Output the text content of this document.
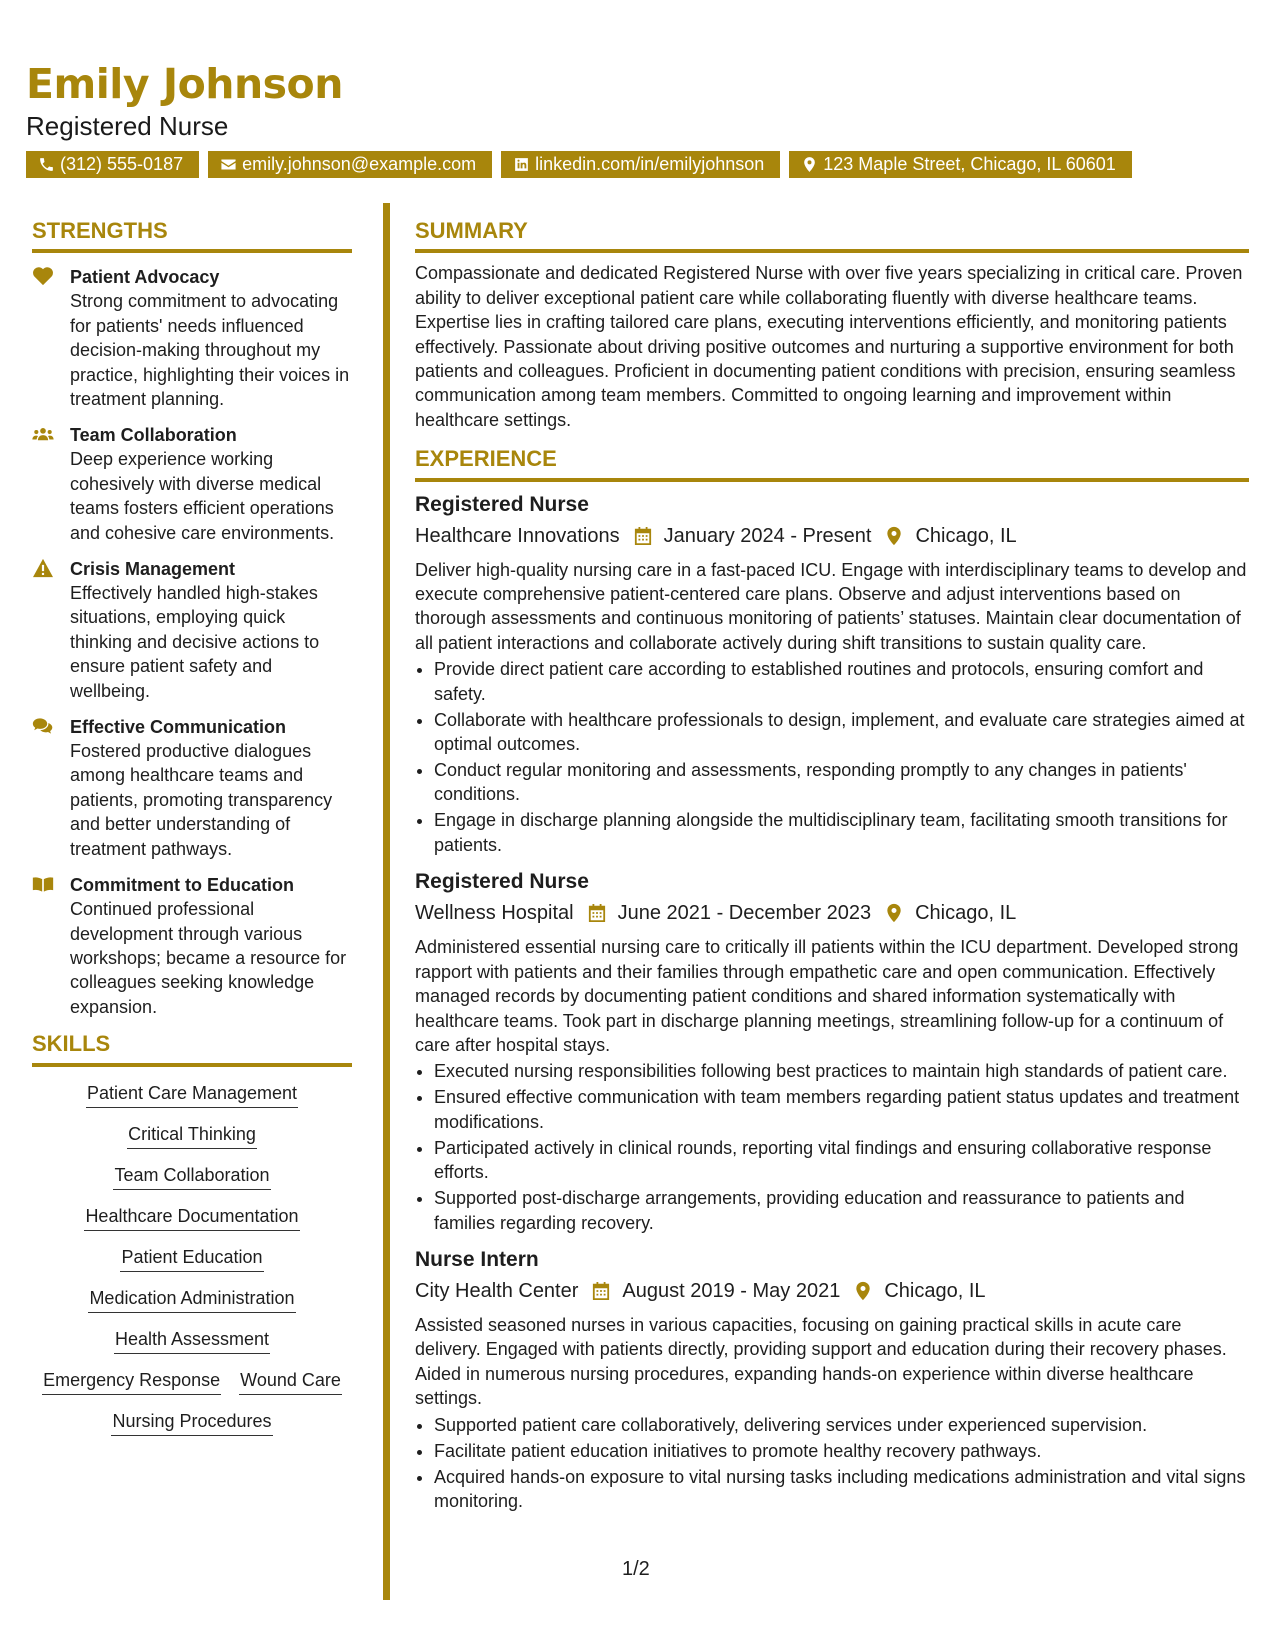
Emily Johnson
Registered Nurse
(312) 555-0187	emily.johnson@example.com	linkedin.com/in/emilyjohnson	123 Maple Street, Chicago, IL 60601
STRENGTHS
Patient Advocacy
Strong commitment to advocating for patients' needs influenced decision-making throughout my practice, highlighting their voices in treatment planning.
Team Collaboration
Deep experience working cohesively with diverse medical teams fosters efficient operations and cohesive care environments.
Crisis Management
Effectively handled high-stakes situations, employing quick thinking and decisive actions to ensure patient safety and wellbeing.
Effective Communication
Fostered productive dialogues among healthcare teams and patients, promoting transparency and better understanding of treatment pathways.
Commitment to Education
Continued professional development through various workshops; became a resource for colleagues seeking knowledge expansion.
SKILLS
Patient Care Management
Critical Thinking
Team Collaboration
Healthcare Documentation
Patient Education
Medication Administration
Health Assessment
Emergency Response Wound Care
Nursing Procedures
SUMMARY
Compassionate and dedicated Registered Nurse with over five years specializing in critical care. Proven ability to deliver exceptional patient care while collaborating fluently with diverse healthcare teams. Expertise lies in crafting tailored care plans, executing interventions efficiently, and monitoring patients effectively. Passionate about driving positive outcomes and nurturing a supportive environment for both patients and colleagues. Proficient in documenting patient conditions with precision, ensuring seamless communication among team members. Committed to ongoing learning and improvement within healthcare settings.
EXPERIENCE
Registered Nurse
Healthcare Innovations January 2024 - Present Chicago, IL
Deliver high-quality nursing care in a fast-paced ICU. Engage with interdisciplinary teams to develop and execute comprehensive patient-centered care plans. Observe and adjust interventions based on thorough assessments and continuous monitoring of patients’ statuses. Maintain clear documentation of all patient interactions and collaborate actively during shift transitions to sustain quality care.
• Provide direct patient care according to established routines and protocols, ensuring comfort and safety.
• Collaborate with healthcare professionals to design, implement, and evaluate care strategies aimed at optimal outcomes.
• Conduct regular monitoring and assessments, responding promptly to any changes in patients' conditions.
• Engage in discharge planning alongside the multidisciplinary team, facilitating smooth transitions for patients.
Registered Nurse
Wellness Hospital June 2021 - December 2023 Chicago, IL
Administered essential nursing care to critically ill patients within the ICU department. Developed strong rapport with patients and their families through empathetic care and open communication. Effectively managed records by documenting patient conditions and shared information systematically with healthcare teams. Took part in discharge planning meetings, streamlining follow-up for a continuum of care after hospital stays.
• Executed nursing responsibilities following best practices to maintain high standards of patient care.
• Ensured effective communication with team members regarding patient status updates and treatment modifications.
• Participated actively in clinical rounds, reporting vital findings and ensuring collaborative response efforts.
• Supported post-discharge arrangements, providing education and reassurance to patients and families regarding recovery.
Nurse Intern
City Health Center August 2019 - May 2021 Chicago, IL
Assisted seasoned nurses in various capacities, focusing on gaining practical skills in acute care delivery. Engaged with patients directly, providing support and education during their recovery phases. Aided in numerous nursing procedures, expanding hands-on experience within diverse healthcare settings.
• Supported patient care collaboratively, delivering services under experienced supervision.
• Facilitate patient education initiatives to promote healthy recovery pathways.
• Acquired hands-on exposure to vital nursing tasks including medications administration and vital signs monitoring.
1/2
